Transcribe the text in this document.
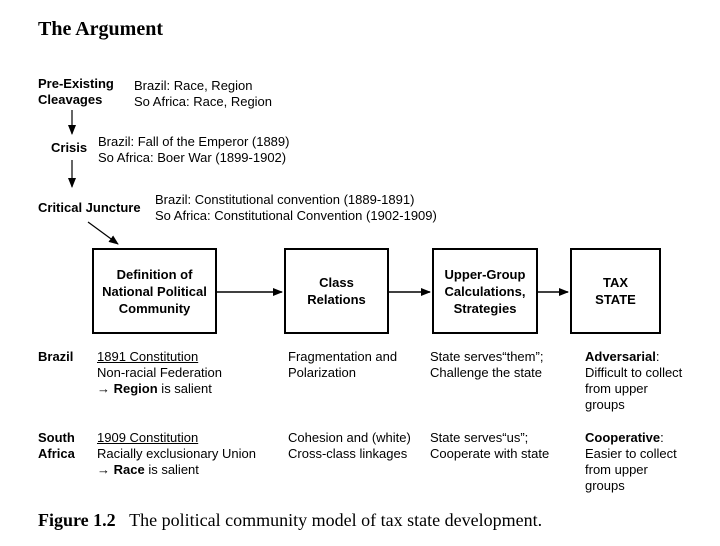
The Argument
Pre-Existing
Cleavages
Brazil: Race, Region
So Africa: Race, Region
Crisis Brazil: Fall of the Emperor (1889)
So Africa: Boer War (1899-1902)
Critical Juncture
Brazil: Constitutional convention (1889-1891)
So Africa: Constitutional Convention (1902-1909)
Definition of National Political Community
Class Relations
Upper-Group Calculations, Strategies
TAX STATE
Brazil 1891 Constitution
Non-racial Federation
→ Region is salient
Fragmentation and
Polarization
State serves“them”;
Challenge the state
Adversarial:
Difficult to collect
from upper
groups
South
Africa
1909 Constitution
Racially exclusionary Union
→ Race is salient
Cohesion and (white)
Cross-class linkages
State serves“us”;
Cooperate with state
Cooperative:
Easier to collect
from upper
groups
Figure 1.2 The political community model of tax state development.
